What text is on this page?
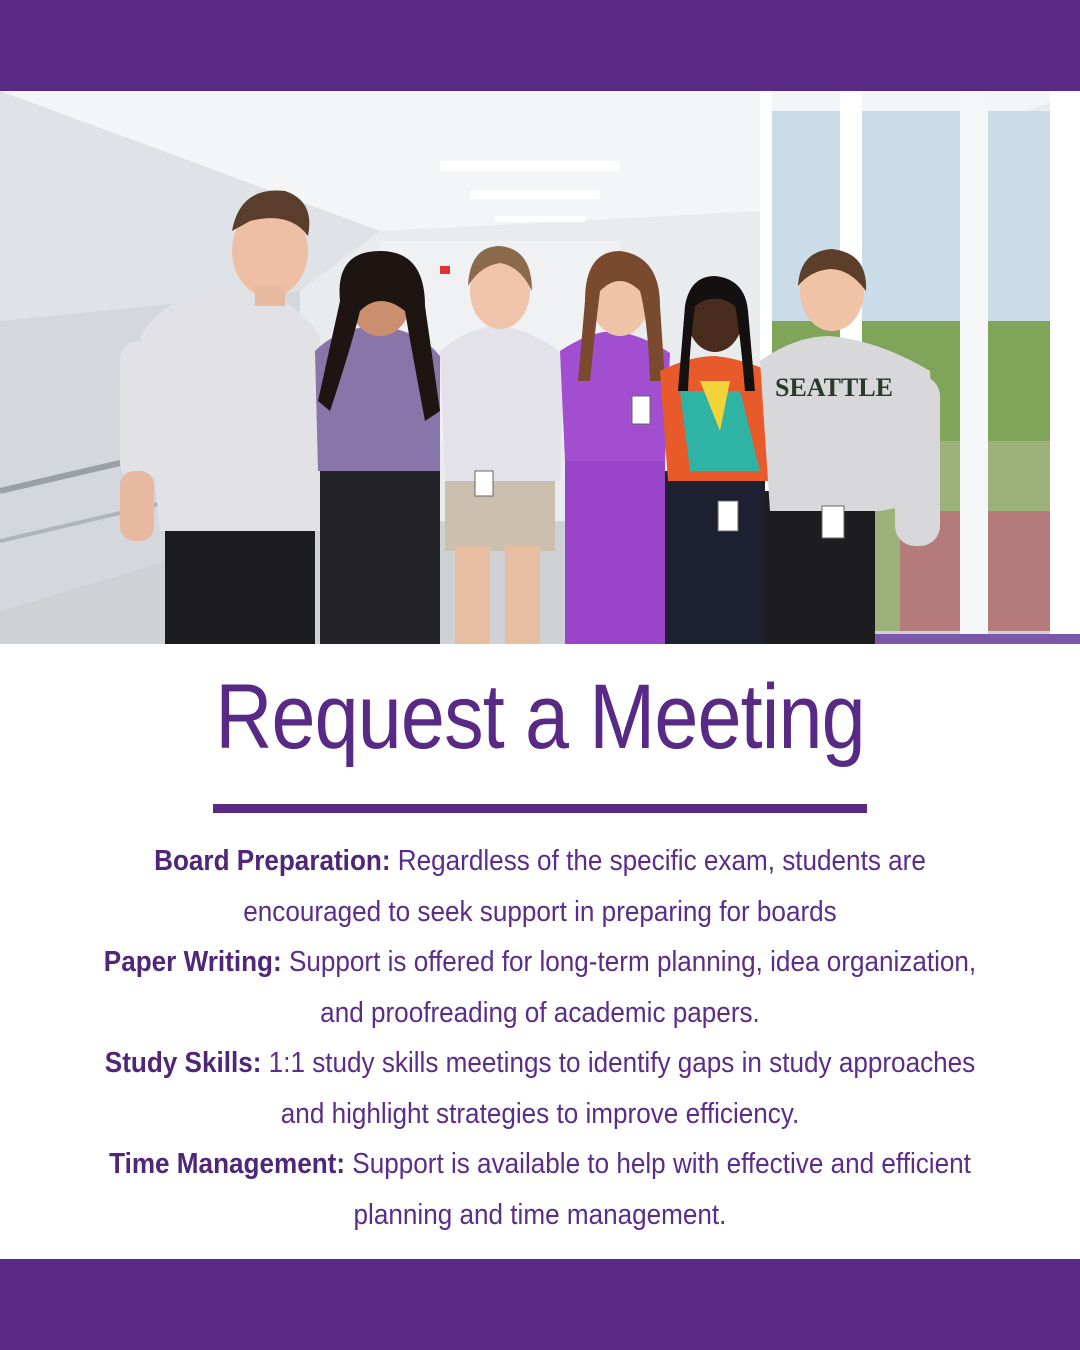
SEATTLE
Request a Meeting

Board Preparation: Regardless of the specific exam, students are encouraged to seek support in preparing for boards

Paper Writing: Support is offered for long-term planning, idea organization, and proofreading of academic papers.

Study Skills: 1:1 study skills meetings to identify gaps in study approaches and highlight strategies to improve efficiency.

Time Management: Support is available to help with effective and efficient planning and time management.
